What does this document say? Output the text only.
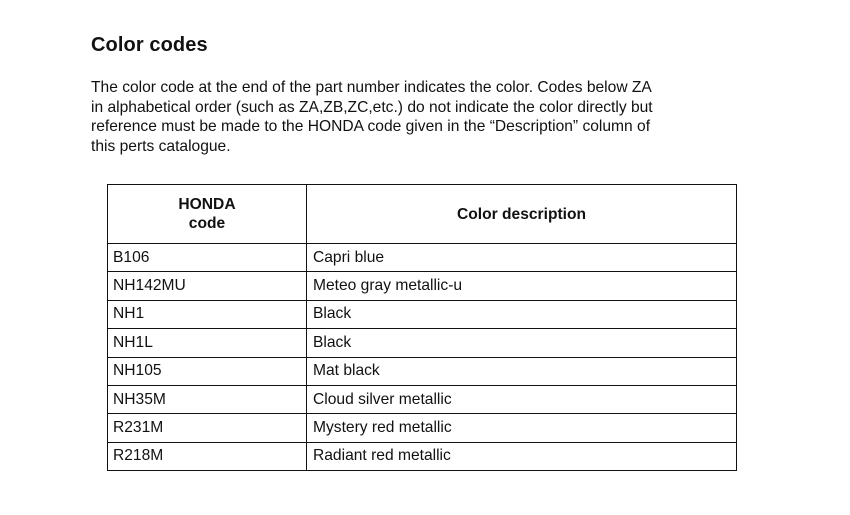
Color codes

The color code at the end of the part number indicates the color. Codes below ZA
in alphabetical order (such as ZA,ZB,ZC,etc.) do not indicate the color directly but
reference must be made to the HONDA code given in the “Description” column of
this perts catalogue.

HONDA
code	Color description
B106	Capri blue
NH142MU	Meteo gray metallic-u
NH1	Black
NH1L	Black
NH105	Mat black
NH35M	Cloud silver metallic
R231M	Mystery red metallic
R218M	Radiant red metallic
